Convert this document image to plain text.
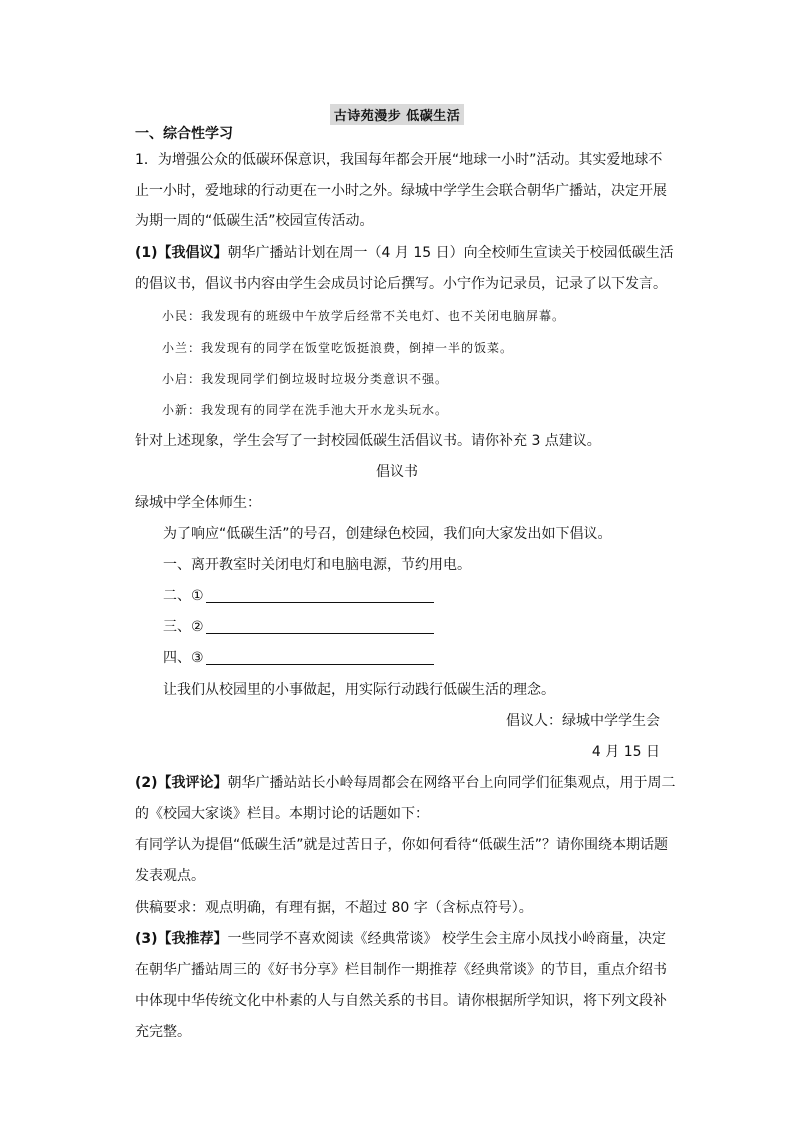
古诗苑漫步 低碳生活
一、综合性学习
1．为增强公众的低碳环保意识，我国每年都会开展“地球一小时”活动。其实爱地球不
止一小时，爱地球的行动更在一小时之外。绿城中学学生会联合朝华广播站，决定开展
为期一周的“低碳生活”校园宣传活动。
(1)【我倡议】朝华广播站计划在周一（4 月 15 日）向全校师生宣读关于校园低碳生活
的倡议书，倡议书内容由学生会成员讨论后撰写。小宁作为记录员，记录了以下发言。
小民：我发现有的班级中午放学后经常不关电灯、也不关闭电脑屏幕。
小兰：我发现有的同学在饭堂吃饭挺浪费，倒掉一半的饭菜。
小启：我发现同学们倒垃圾时垃圾分类意识不强。
小新：我发现有的同学在洗手池大开水龙头玩水。
针对上述现象，学生会写了一封校园低碳生活倡议书。请你补充 3 点建议。
倡议书
绿城中学全体师生：
为了响应“低碳生活”的号召，创建绿色校园，我们向大家发出如下倡议。
一、离开教室时关闭电灯和电脑电源，节约用电。
二、①
三、②
四、③
让我们从校园里的小事做起，用实际行动践行低碳生活的理念。
倡议人：绿城中学学生会
4 月 15 日
(2)【我评论】朝华广播站站长小岭每周都会在网络平台上向同学们征集观点，用于周二
的《校园大家谈》栏目。本期讨论的话题如下：
有同学认为提倡“低碳生活”就是过苦日子，你如何看待“低碳生活”？请你围绕本期话题
发表观点。
供稿要求：观点明确，有理有据，不超过 80 字（含标点符号）。
(3)【我推荐】一些同学不喜欢阅读《经典常谈》 校学生会主席小凤找小岭商量，决定
在朝华广播站周三的《好书分享》栏目制作一期推荐《经典常谈》的节目，重点介绍书
中体现中华传统文化中朴素的人与自然关系的书目。请你根据所学知识，将下列文段补
充完整。
